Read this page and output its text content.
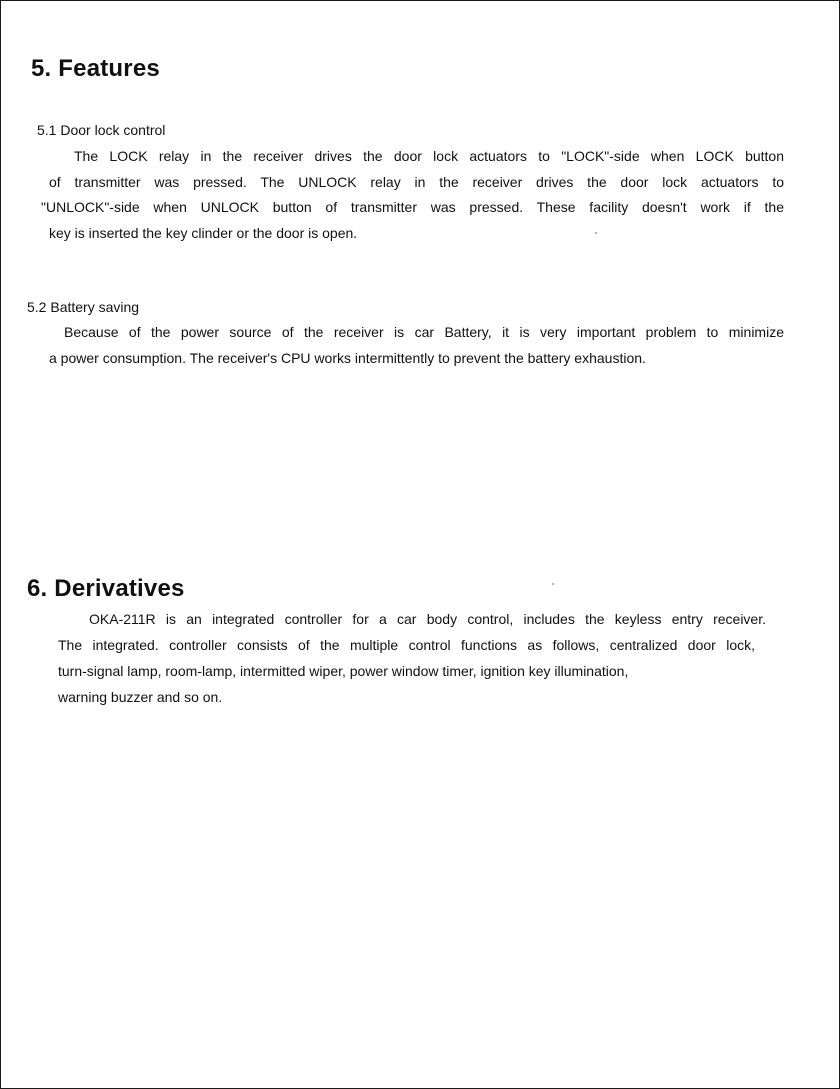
5. Features
5.1 Door lock control
The LOCK relay in the receiver drives the door lock actuators to "LOCK"-side when LOCK button
of transmitter was pressed. The UNLOCK relay in the receiver drives the door lock actuators to
"UNLOCK"-side when UNLOCK button of transmitter was pressed. These facility doesn't work if the
key is inserted the key clinder or the door is open.
5.2 Battery saving
Because of the power source of the receiver is car Battery, it is very important problem to minimize
a power consumption. The receiver's CPU works intermittently to prevent the battery exhaustion.
6. Derivatives
OKA-211R is an integrated controller for a car body control, includes the keyless entry receiver.
The integrated. controller consists of the multiple control functions as follows, centralized door lock,
turn-signal lamp, room-lamp, intermitted wiper, power window timer, ignition key illumination,
warning buzzer and so on.
